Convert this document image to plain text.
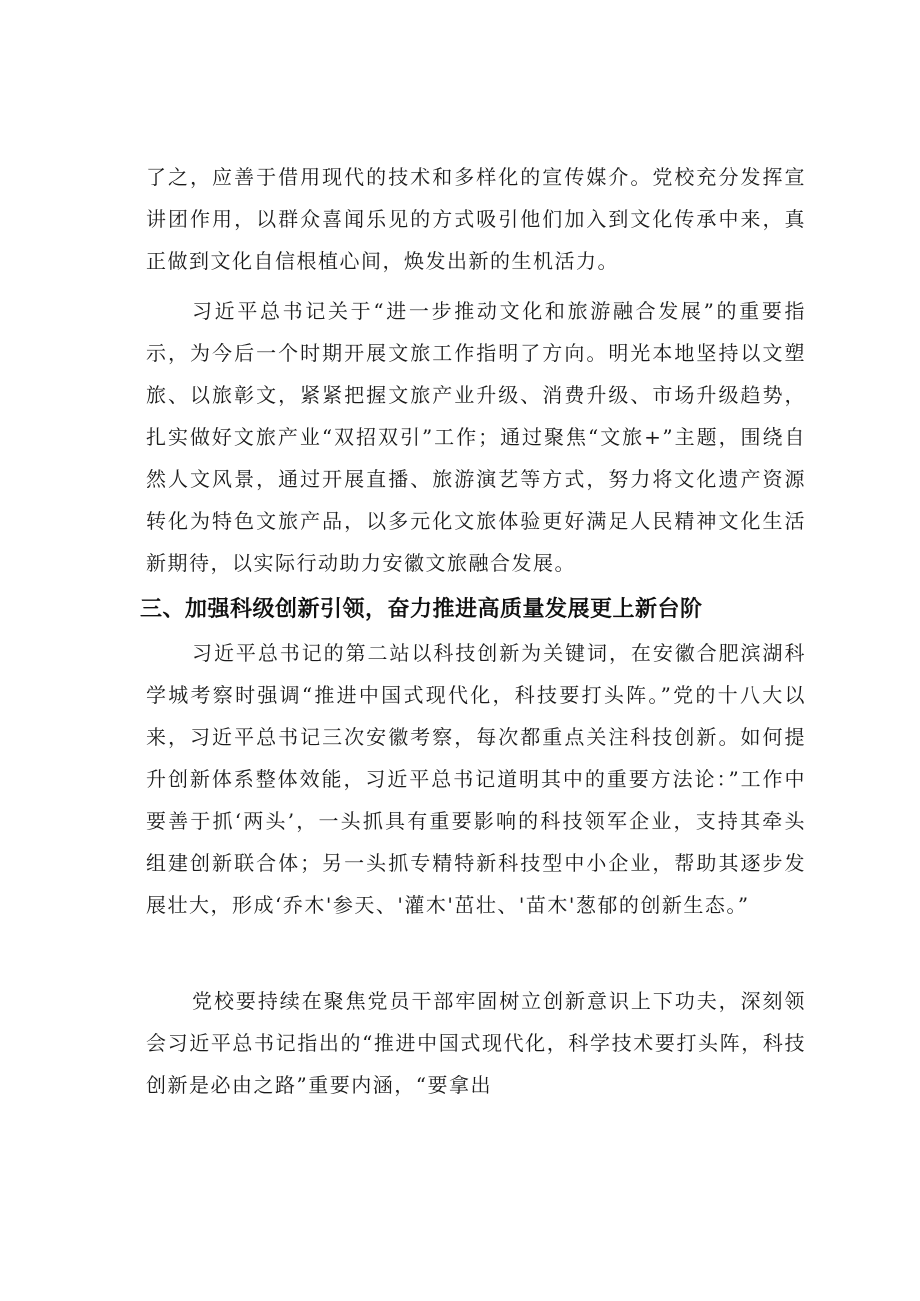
了之，应善于借用现代的技术和多样化的宣传媒介。党校充分发挥宣讲团作用，以群众喜闻乐见的方式吸引他们加入到文化传承中来，真正做到文化自信根植心间，焕发出新的生机活力。

习近平总书记关于“进一步推动文化和旅游融合发展”的重要指示，为今后一个时期开展文旅工作指明了方向。明光本地坚持以文塑旅、以旅彰文，紧紧把握文旅产业升级、消费升级、市场升级趋势，扎实做好文旅产业“双招双引”工作；通过聚焦“文旅+”主题，围绕自然人文风景，通过开展直播、旅游演艺等方式，努力将文化遗产资源转化为特色文旅产品，以多元化文旅体验更好满足人民精神文化生活新期待，以实际行动助力安徽文旅融合发展。

三、加强科级创新引领，奋力推进高质量发展更上新台阶

习近平总书记的第二站以科技创新为关键词，在安徽合肥滨湖科学城考察时强调“推进中国式现代化，科技要打头阵。”党的十八大以来，习近平总书记三次安徽考察，每次都重点关注科技创新。如何提升创新体系整体效能，习近平总书记道明其中的重要方法论：”工作中要善于抓‘两头’，一头抓具有重要影响的科技领军企业，支持其牵头组建创新联合体；另一头抓专精特新科技型中小企业，帮助其逐步发展壮大，形成‘乔木'参天、'灌木'茁壮、'苗木'葱郁的创新生态。”

党校要持续在聚焦党员干部牢固树立创新意识上下功夫，深刻领会习近平总书记指出的“推进中国式现代化，科学技术要打头阵，科技创新是必由之路”重要内涵，“要拿出
